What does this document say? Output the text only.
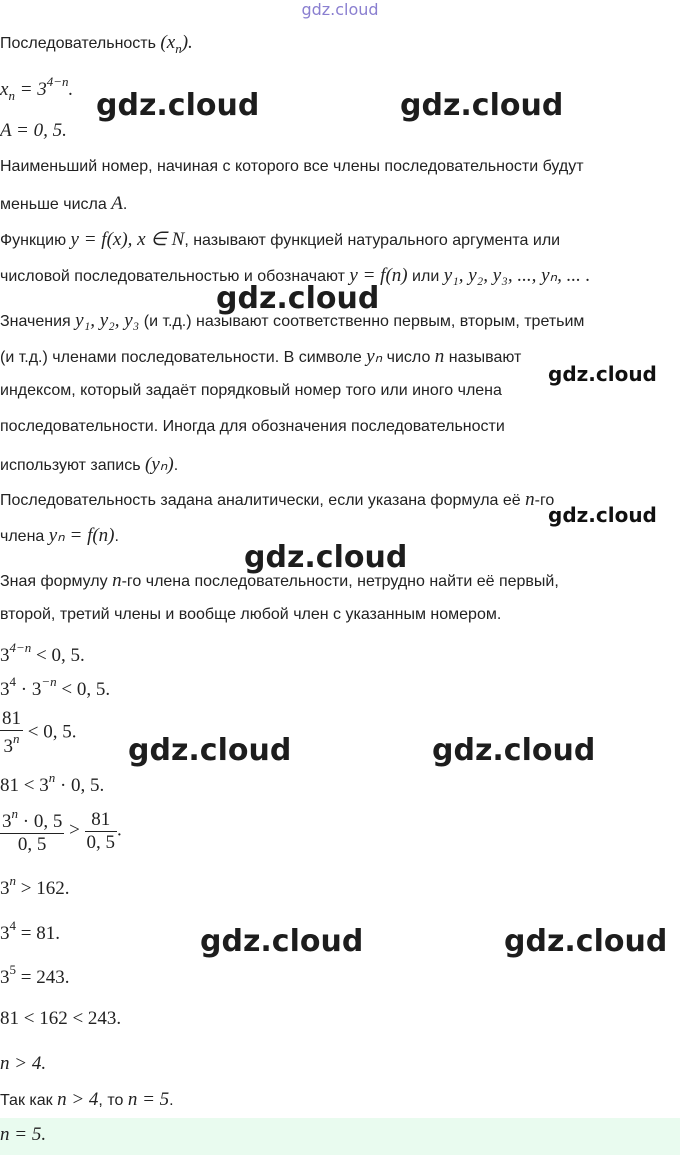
gdz.cloud
Последовательность $(x_n)$.
$x_n = 3^{4-n}$.
A = 0, 5.
Наименьший номер, начиная с которого все члены последовательности будут
меньше числа A.
Функцию y = f(x), x ∈ N, называют функцией натурального аргумента или
числовой последовательностью и обозначают y = f(n) или y₁, y₂, y₃, ..., yₙ, ... .
Значения y₁, y₂, y₃ (и т.д.) называют соответственно первым, вторым, третьим
(и т.д.) членами последовательности. В символе yₙ число n называют
индексом, который задаёт порядковый номер того или иного члена
последовательности. Иногда для обозначения последовательности
используют запись (yₙ).
Последовательность задана аналитически, если указана формула её n-го
члена yₙ = f(n).
Зная формулу n-го члена последовательности, нетрудно найти её первый,
второй, третий члены и вообще любой член с указанным номером.
$3^{4-n} < 0$, 5.
$3^4 \cdot 3^{-n} < 0$, 5.
$\frac{81}{3^n} < 0$, 5.
$81 < 3^n \cdot 0$, 5.
$\frac{3^n \cdot 0, 5}{0, 5} > \frac{81}{0, 5}$ .
$3^n > 162$.
$3^4 = 81$.
$3^5 = 243$.
81 < 162 < 243.
n > 4.
Так как n > 4, то n = 5.
n = 5.
gdz.cloud	gdz.cloud
gdz.cloud
gdz.cloud
gdz.cloud
gdz.cloud
gdz.cloud	gdz.cloud
gdz.cloud	gdz.cloud
